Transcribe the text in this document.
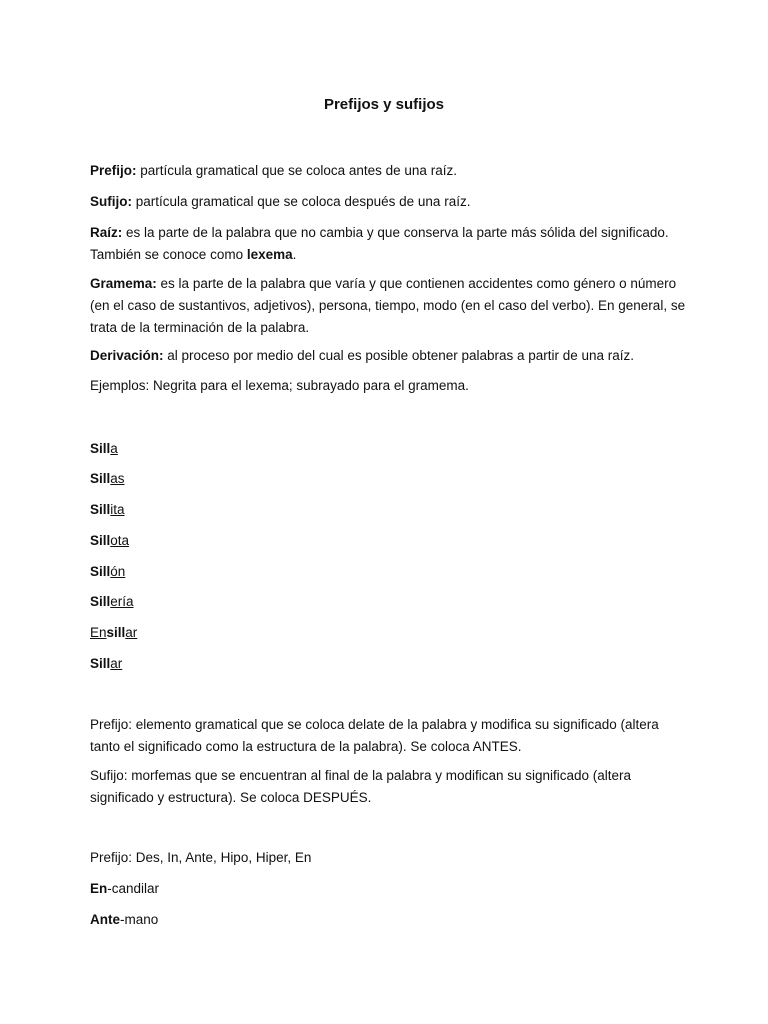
Prefijos y sufijos

Prefijo: partícula gramatical que se coloca antes de una raíz.

Sufijo: partícula gramatical que se coloca después de una raíz.

Raíz: es la parte de la palabra que no cambia y que conserva la parte más sólida del significado. También se conoce como lexema.

Gramema: es la parte de la palabra que varía y que contienen accidentes como género o número (en el caso de sustantivos, adjetivos), persona, tiempo, modo (en el caso del verbo). En general, se trata de la terminación de la palabra.

Derivación: al proceso por medio del cual es posible obtener palabras a partir de una raíz.

Ejemplos: Negrita para el lexema; subrayado para el gramema.

Silla

Sillas

Sillita

Sillota

Sillón

Sillería

Ensillar

Sillar

Prefijo: elemento gramatical que se coloca delate de la palabra y modifica su significado (altera tanto el significado como la estructura de la palabra). Se coloca ANTES.

Sufijo: morfemas que se encuentran al final de la palabra y modifican su significado (altera significado y estructura). Se coloca DESPUÉS.

Prefijo: Des, In, Ante, Hipo, Hiper, En

En-candilar

Ante-mano
